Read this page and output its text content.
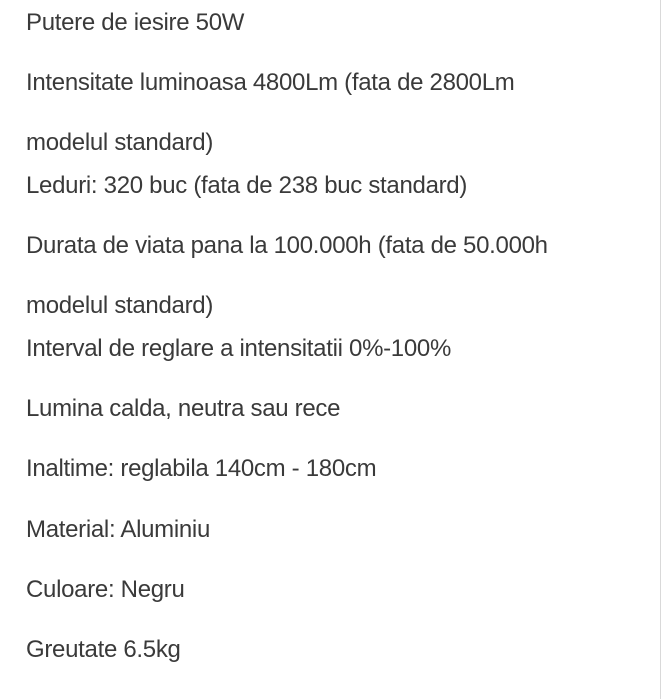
Putere de iesire 50W
Intensitate luminoasa 4800Lm (fata de 2800Lm
modelul standard)
Leduri: 320 buc (fata de 238 buc standard)
Durata de viata pana la 100.000h (fata de 50.000h
modelul standard)
Interval de reglare a intensitatii 0%-100%
Lumina calda, neutra sau rece
Inaltime: reglabila 140cm - 180cm
Material: Aluminiu
Culoare: Negru
Greutate 6.5kg
